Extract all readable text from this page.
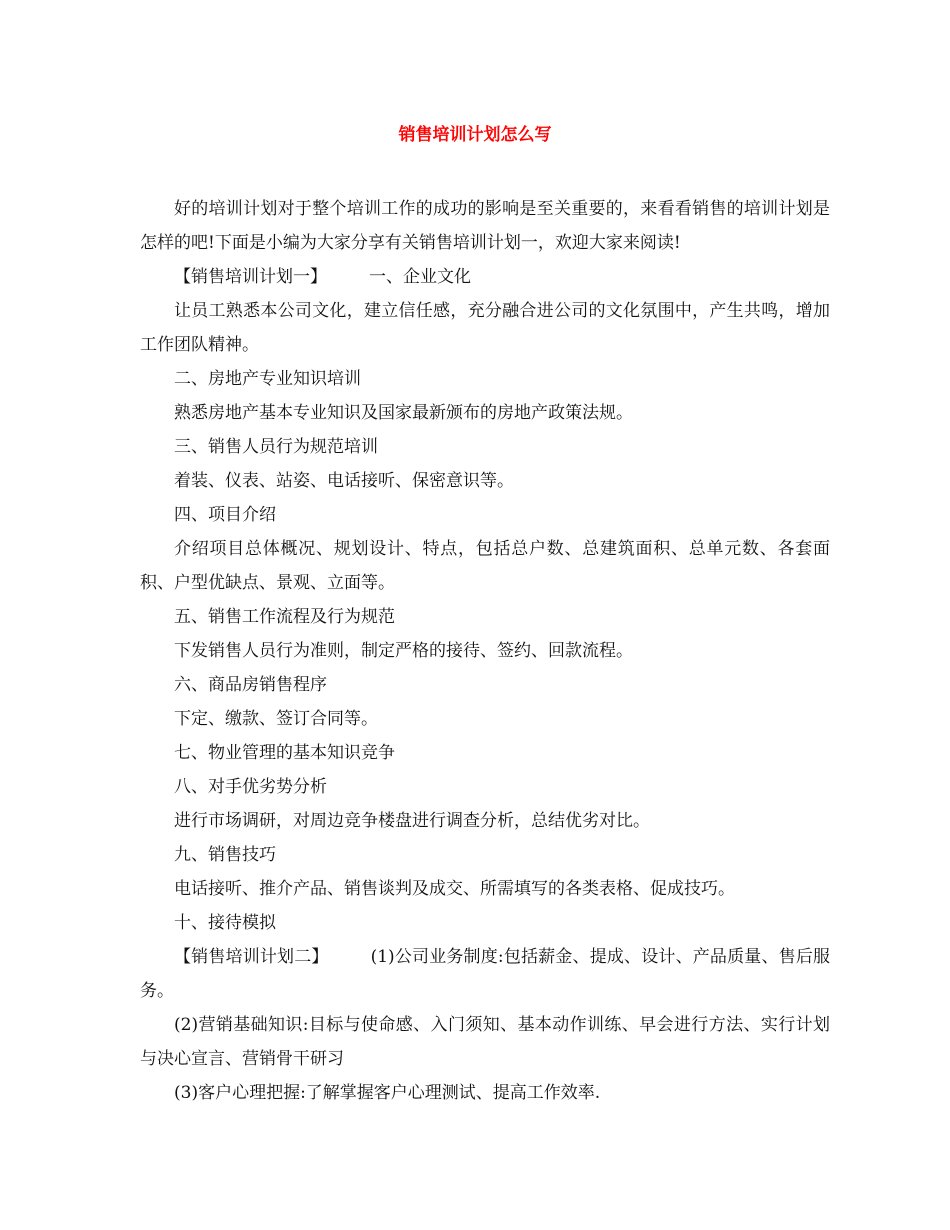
销售培训计划怎么写

好的培训计划对于整个培训工作的成功的影响是至关重要的，来看看销售的培训计划是怎样的吧!下面是小编为大家分享有关销售培训计划一，欢迎大家来阅读!

【销售培训计划一】 一、企业文化

让员工熟悉本公司文化，建立信任感，充分融合进公司的文化氛围中，产生共鸣，增加工作团队精神。

二、房地产专业知识培训

熟悉房地产基本专业知识及国家最新颁布的房地产政策法规。

三、销售人员行为规范培训

着装、仪表、站姿、电话接听、保密意识等。

四、项目介绍

介绍项目总体概况、规划设计、特点，包括总户数、总建筑面积、总单元数、各套面积、户型优缺点、景观、立面等。

五、销售工作流程及行为规范

下发销售人员行为准则，制定严格的接待、签约、回款流程。

六、商品房销售程序

下定、缴款、签订合同等。

七、物业管理的基本知识竞争

八、对手优劣势分析

进行市场调研，对周边竞争楼盘进行调查分析，总结优劣对比。

九、销售技巧

电话接听、推介产品、销售谈判及成交、所需填写的各类表格、促成技巧。

十、接待模拟

【销售培训计划二】 (1)公司业务制度:包括薪金、提成、设计、产品质量、售后服务。

(2)营销基础知识:目标与使命感、入门须知、基本动作训练、早会进行方法、实行计划与决心宣言、营销骨干研习

(3)客户心理把握:了解掌握客户心理测试、提高工作效率.
